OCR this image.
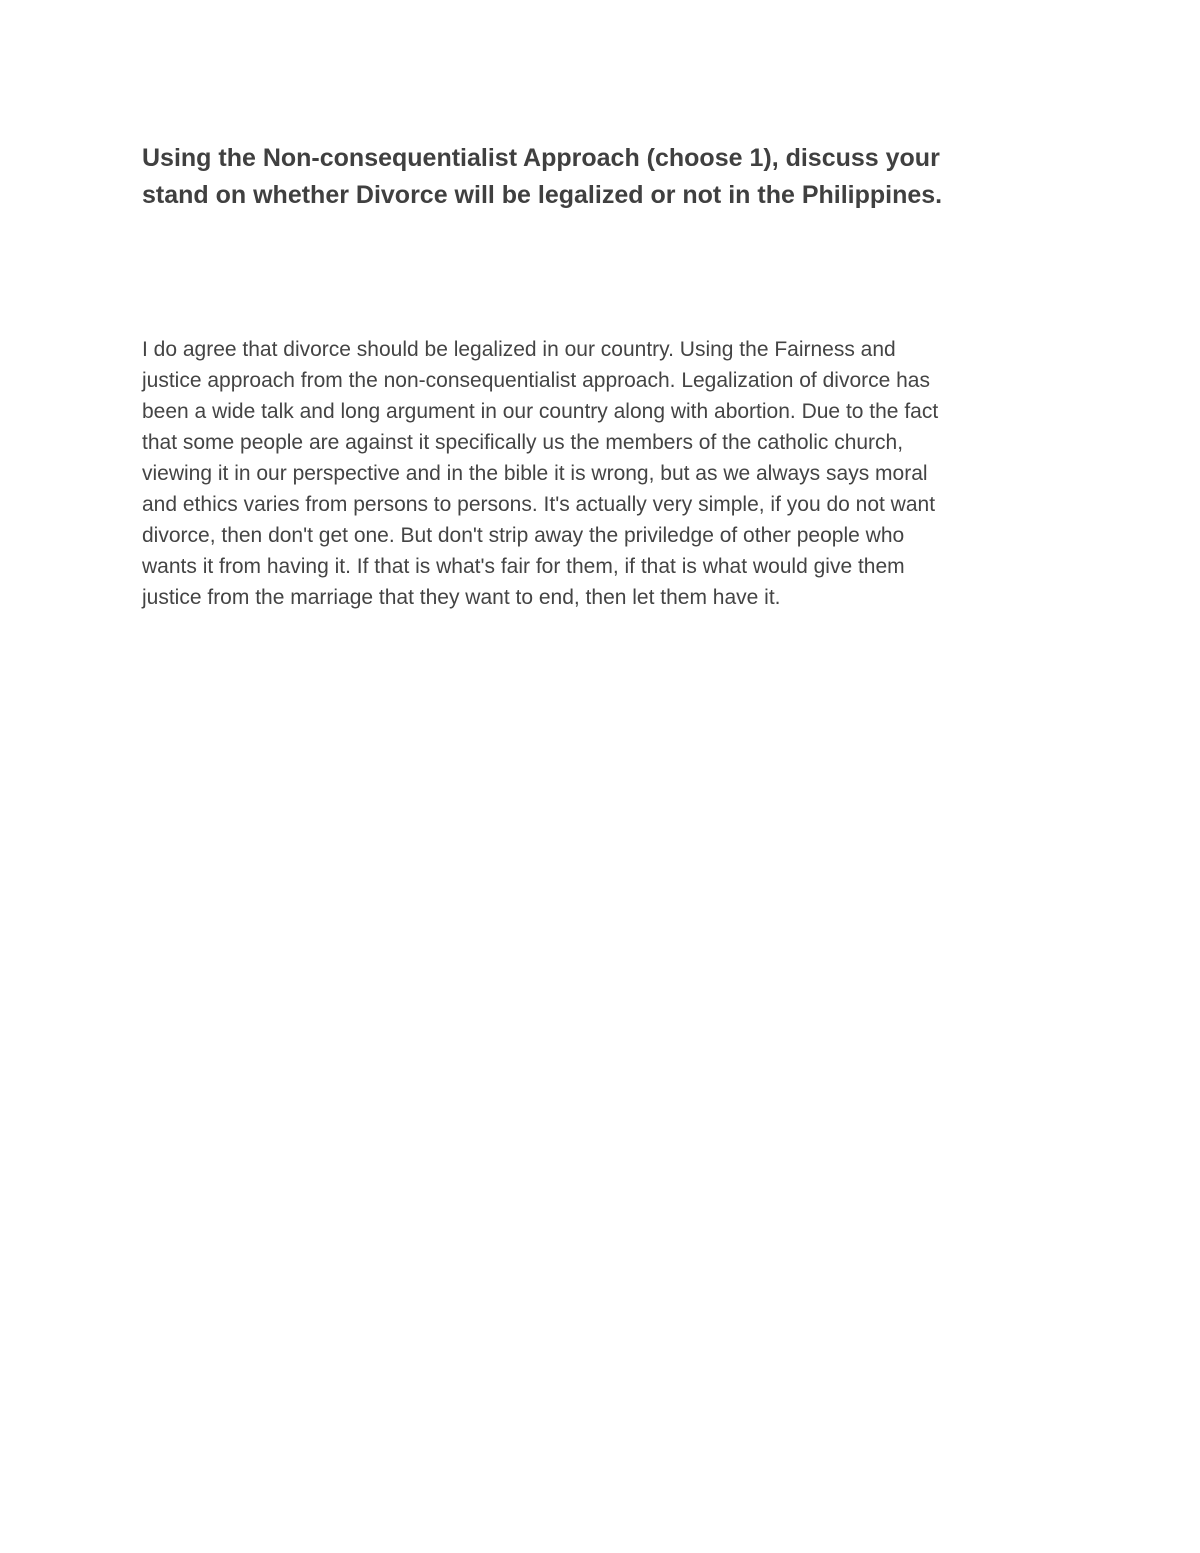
Using the Non-consequentialist Approach (choose 1), discuss your
stand on whether Divorce will be legalized or not in the Philippines.

I do agree that divorce should be legalized in our country. Using the Fairness and
justice approach from the non-consequentialist approach. Legalization of divorce has
been a wide talk and long argument in our country along with abortion. Due to the fact
that some people are against it specifically us the members of the catholic church,
viewing it in our perspective and in the bible it is wrong, but as we always says moral
and ethics varies from persons to persons. It's actually very simple, if you do not want
divorce, then don't get one. But don't strip away the priviledge of other people who
wants it from having it. If that is what's fair for them, if that is what would give them
justice from the marriage that they want to end, then let them have it.
